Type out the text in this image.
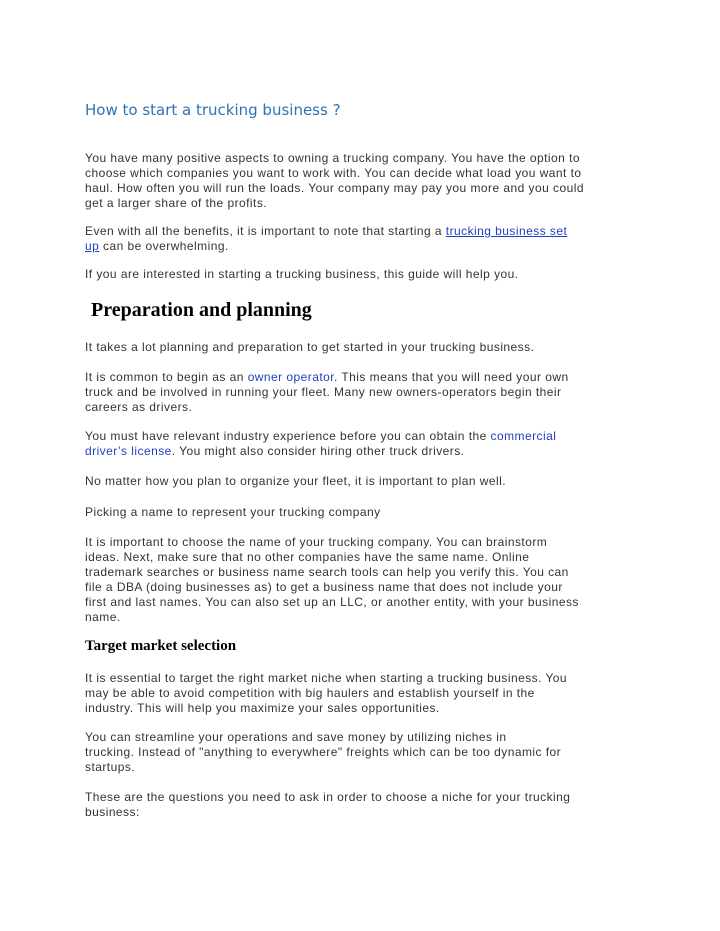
How to start a trucking business ?

You have many positive aspects to owning a trucking company. You have the option to
choose which companies you want to work with. You can decide what load you want to
haul. How often you will run the loads. Your company may pay you more and you could
get a larger share of the profits.

Even with all the benefits, it is important to note that starting a trucking business set
up can be overwhelming.

If you are interested in starting a trucking business, this guide will help you.

Preparation and planning

It takes a lot planning and preparation to get started in your trucking business.

It is common to begin as an owner operator. This means that you will need your own
truck and be involved in running your fleet. Many new owners-operators begin their
careers as drivers.

You must have relevant industry experience before you can obtain the commercial
driver’s license. You might also consider hiring other truck drivers.

No matter how you plan to organize your fleet, it is important to plan well.

Picking a name to represent your trucking company

It is important to choose the name of your trucking company. You can brainstorm
ideas. Next, make sure that no other companies have the same name. Online
trademark searches or business name search tools can help you verify this. You can
file a DBA (doing businesses as) to get a business name that does not include your
first and last names. You can also set up an LLC, or another entity, with your business
name.

Target market selection

It is essential to target the right market niche when starting a trucking business. You
may be able to avoid competition with big haulers and establish yourself in the
industry. This will help you maximize your sales opportunities.

You can streamline your operations and save money by utilizing niches in
trucking. Instead of "anything to everywhere" freights which can be too dynamic for
startups.

These are the questions you need to ask in order to choose a niche for your trucking
business:
